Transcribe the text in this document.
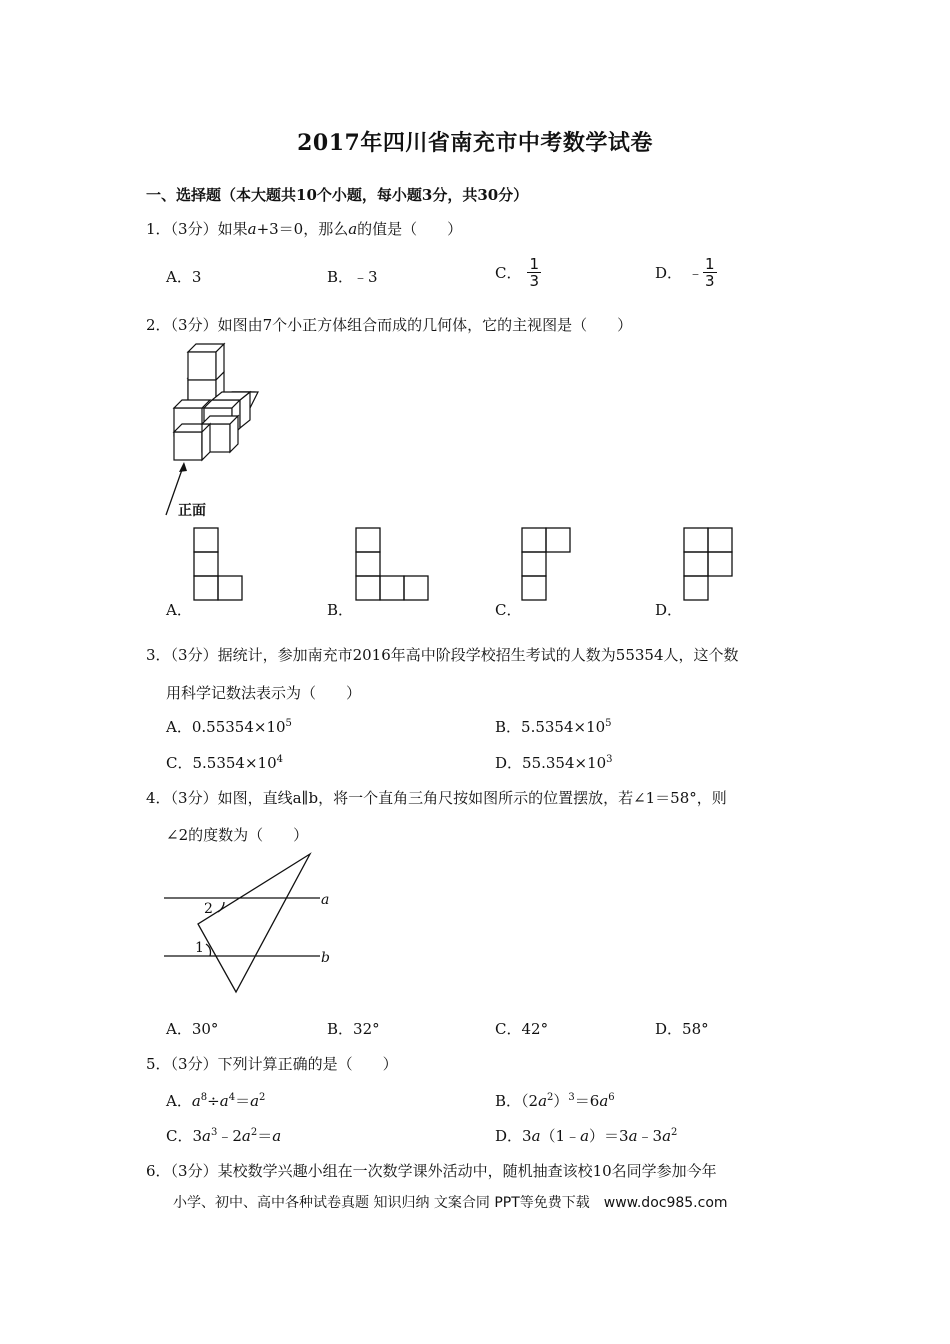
2017年四川省南充市中考数学试卷
一、选择题（本大题共10个小题，每小题3分，共30分）
1．（3分）如果a+3＝0，那么a的值是（　　）
A．3	B．﹣3	C． $\frac{1}{3}$	D． ﹣ $\frac{1}{3}$
2．（3分）如图由7个小正方体组合而成的几何体，它的主视图是（　　）
正面
A．	B．	C．	D．
3．（3分）据统计，参加南充市2016年高中阶段学校招生考试的人数为55354人，这个数
用科学记数法表示为（　　）
A．$0.55354\times 10^5$	B．$5.5354\times 10^5$
C．$5.5354\times 10^4$	D．$55.354\times 10^3$
4．（3分）如图，直线a∥b，将一个直角三角尺按如图所示的位置摆放，若∠1＝58°，则
∠2的度数为（　　）
a
b
2
1
A．30°	B．32°	C．42°	D．58°
5．（3分）下列计算正确的是（　　）
A．$a^8\div a^4=a^2$	B．$(2a^2)^3=6a^6$
C．$3a^3﹣2a^2=a$	D．$3a(1﹣a)=3a﹣3a^2$
6．（3分）某校数学兴趣小组在一次数学课外活动中，随机抽查该校10名同学参加今年
小学、初中、高中各种试卷真题 知识归纳 文案合同 PPT等免费下载　www.doc985.com
